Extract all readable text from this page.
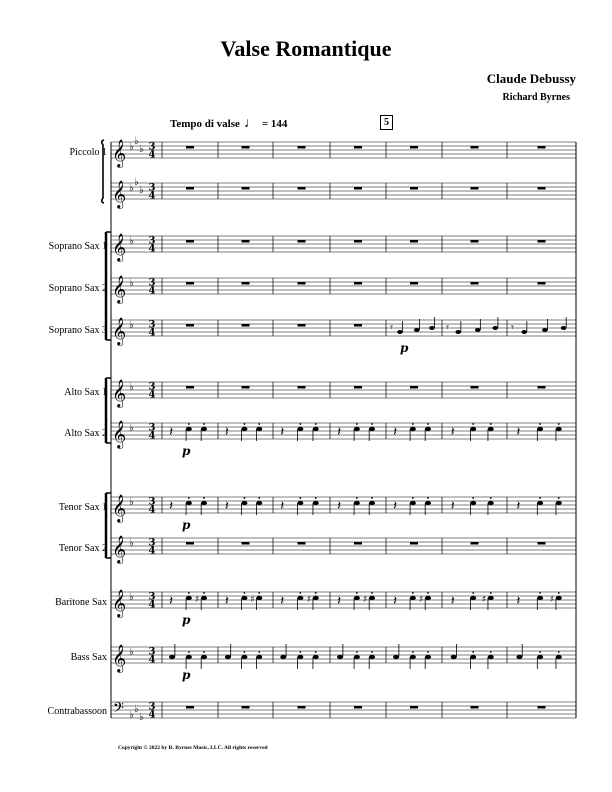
Valse Romantique
Claude Debussy
Richard Byrnes
Tempo di valse ♩ = 144	5
Piccolo 1
Soprano Sax 1
Soprano Sax 2
Soprano Sax 3
Alto Sax 1
Alto Sax 2
Tenor Sax 1
Tenor Sax 2
Baritone Sax
Bass Sax
Contrabassoon
𝄞 ♭
♭
♭ 3
4
𝄞 ♭
♭
♭ 3
4
𝄞 ♭ 3
4
𝄞 ♭ 3
4
𝄞 ♭ 3
4	𝄾	𝄾	𝄾
p
𝄞 ♭ 3
4
𝄞 ♭ 3
4 𝄽	𝄽	𝄽	𝄽	𝄽	𝄽	𝄽
p
𝄞 ♭ 3
4 𝄽	𝄽	𝄽	𝄽	𝄽	𝄽	𝄽
p
𝄞 ♭ 3
4
𝄞 ♭ 3
4 𝄽 ♯ 𝄽 ♯ 𝄽	♯ 𝄽 ♯ 𝄽 ♯ 𝄽	♯ 𝄽	♯
p
𝄞 ♭ 3
4
p
𝄢 ♭
♭
♭
3
4
Copyright © 2022 by R. Byrnes Music, LLC. All rights reserved
